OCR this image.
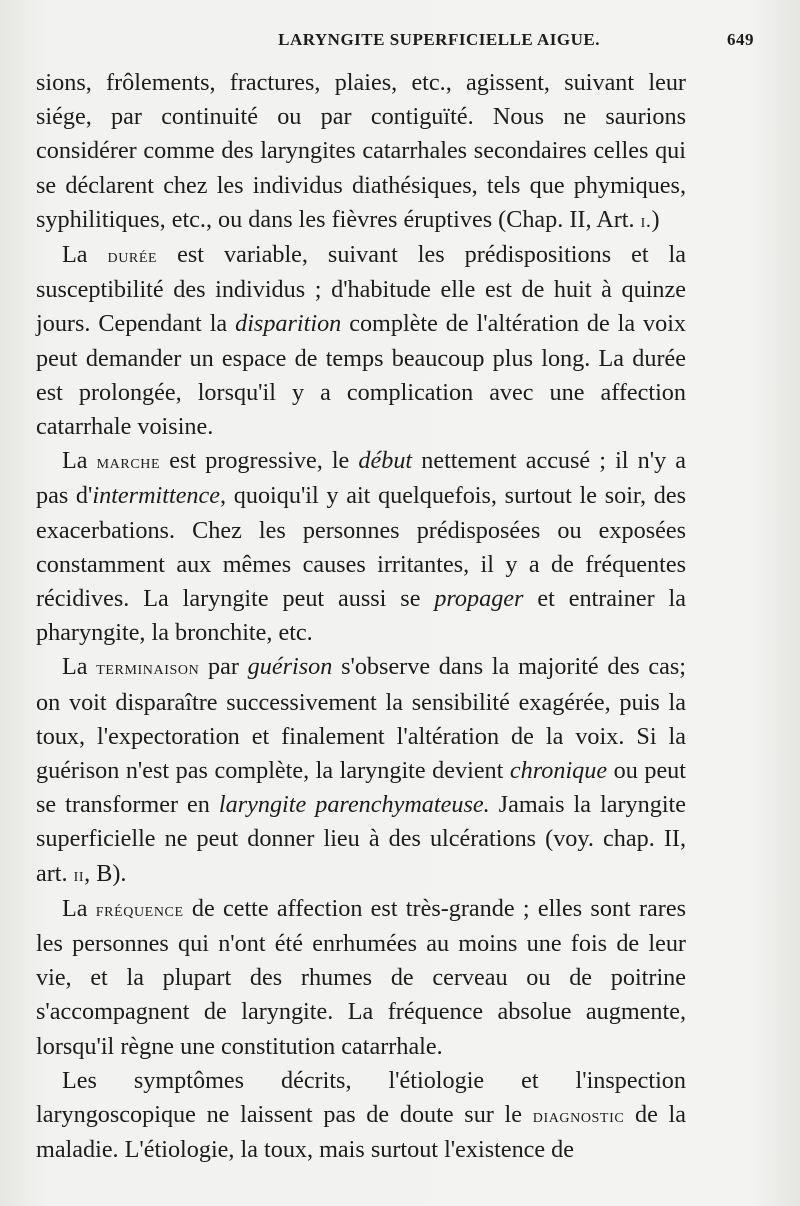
LARYNGITE SUPERFICIELLE AIGUE.	649

sions, frôlements, fractures, plaies, etc., agissent, suivant leur siége, par continuité ou par contiguïté. Nous ne saurions considérer comme des laryngites catarrhales secondaires celles qui se déclarent chez les individus diathésiques, tels que phymiques, syphilitiques, etc., ou dans les fièvres éruptives (Chap. II, Art. i.)

La durée est variable, suivant les prédispositions et la susceptibilité des individus ; d'habitude elle est de huit à quinze jours. Cependant la disparition complète de l'altération de la voix peut demander un espace de temps beaucoup plus long. La durée est prolongée, lorsqu'il y a complication avec une affection catarrhale voisine.

La marche est progressive, le début nettement accusé ; il n'y a pas d'intermittence, quoiqu'il y ait quelquefois, surtout le soir, des exacerbations. Chez les personnes prédisposées ou exposées constamment aux mêmes causes irritantes, il y a de fréquentes récidives. La laryngite peut aussi se propager et entrainer la pharyngite, la bronchite, etc.

La terminaison par guérison s'observe dans la majorité des cas; on voit disparaître successivement la sensibilité exagérée, puis la toux, l'expectoration et finalement l'altération de la voix. Si la guérison n'est pas complète, la laryngite devient chronique ou peut se transformer en laryngite parenchymateuse. Jamais la laryngite superficielle ne peut donner lieu à des ulcérations (voy. chap. II, art. ii, B).

La fréquence de cette affection est très-grande ; elles sont rares les personnes qui n'ont été enrhumées au moins une fois de leur vie, et la plupart des rhumes de cerveau ou de poitrine s'accompagnent de laryngite. La fréquence absolue augmente, lorsqu'il règne une constitution catarrhale.

Les symptômes décrits, l'étiologie et l'inspection laryngoscopique ne laissent pas de doute sur le diagnostic de la maladie. L'étiologie, la toux, mais surtout l'existence de
